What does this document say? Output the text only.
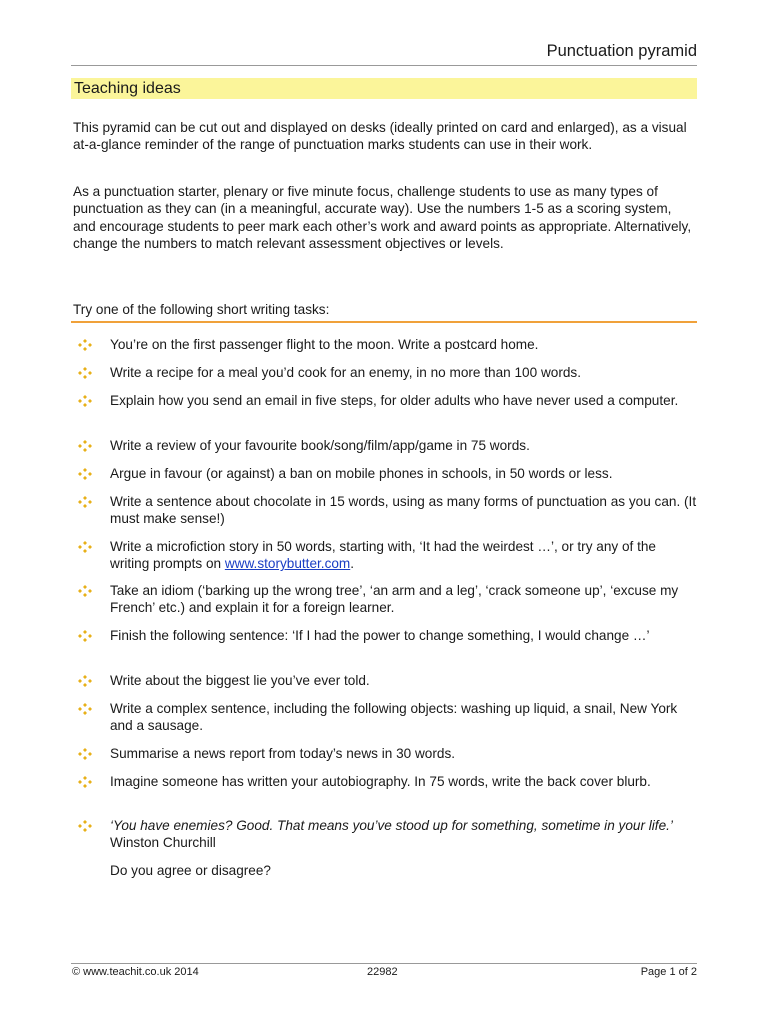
Punctuation pyramid
Teaching ideas

This pyramid can be cut out and displayed on desks (ideally printed on card and enlarged), as a visual at-a-glance reminder of the range of punctuation marks students can use in their work.

As a punctuation starter, plenary or five minute focus, challenge students to use as many types of punctuation as they can (in a meaningful, accurate way). Use the numbers 1-5 as a scoring system, and encourage students to peer mark each other’s work and award points as appropriate. Alternatively, change the numbers to match relevant assessment objectives or levels.

Try one of the following short writing tasks:
You’re on the first passenger flight to the moon. Write a postcard home.
Write a recipe for a meal you’d cook for an enemy, in no more than 100 words.
Explain how you send an email in five steps, for older adults who have never used a computer.
Write a review of your favourite book/song/film/app/game in 75 words.
Argue in favour (or against) a ban on mobile phones in schools, in 50 words or less.
Write a sentence about chocolate in 15 words, using as many forms of punctuation as you can. (It must make sense!)
Write a microfiction story in 50 words, starting with, ‘It had the weirdest …’, or try any of the writing prompts on www.storybutter.com.
Take an idiom (‘barking up the wrong tree’, ‘an arm and a leg’, ‘crack someone up’, ‘excuse my French’ etc.) and explain it for a foreign learner.
Finish the following sentence: ‘If I had the power to change something, I would change …’
Write about the biggest lie you’ve ever told.
Write a complex sentence, including the following objects: washing up liquid, a snail, New York and a sausage.
Summarise a news report from today’s news in 30 words.
Imagine someone has written your autobiography. In 75 words, write the back cover blurb.
‘You have enemies? Good. That means you’ve stood up for something, sometime in your life.’ Winston Churchill
Do you agree or disagree?
© www.teachit.co.uk 2014	22982	Page 1 of 2
